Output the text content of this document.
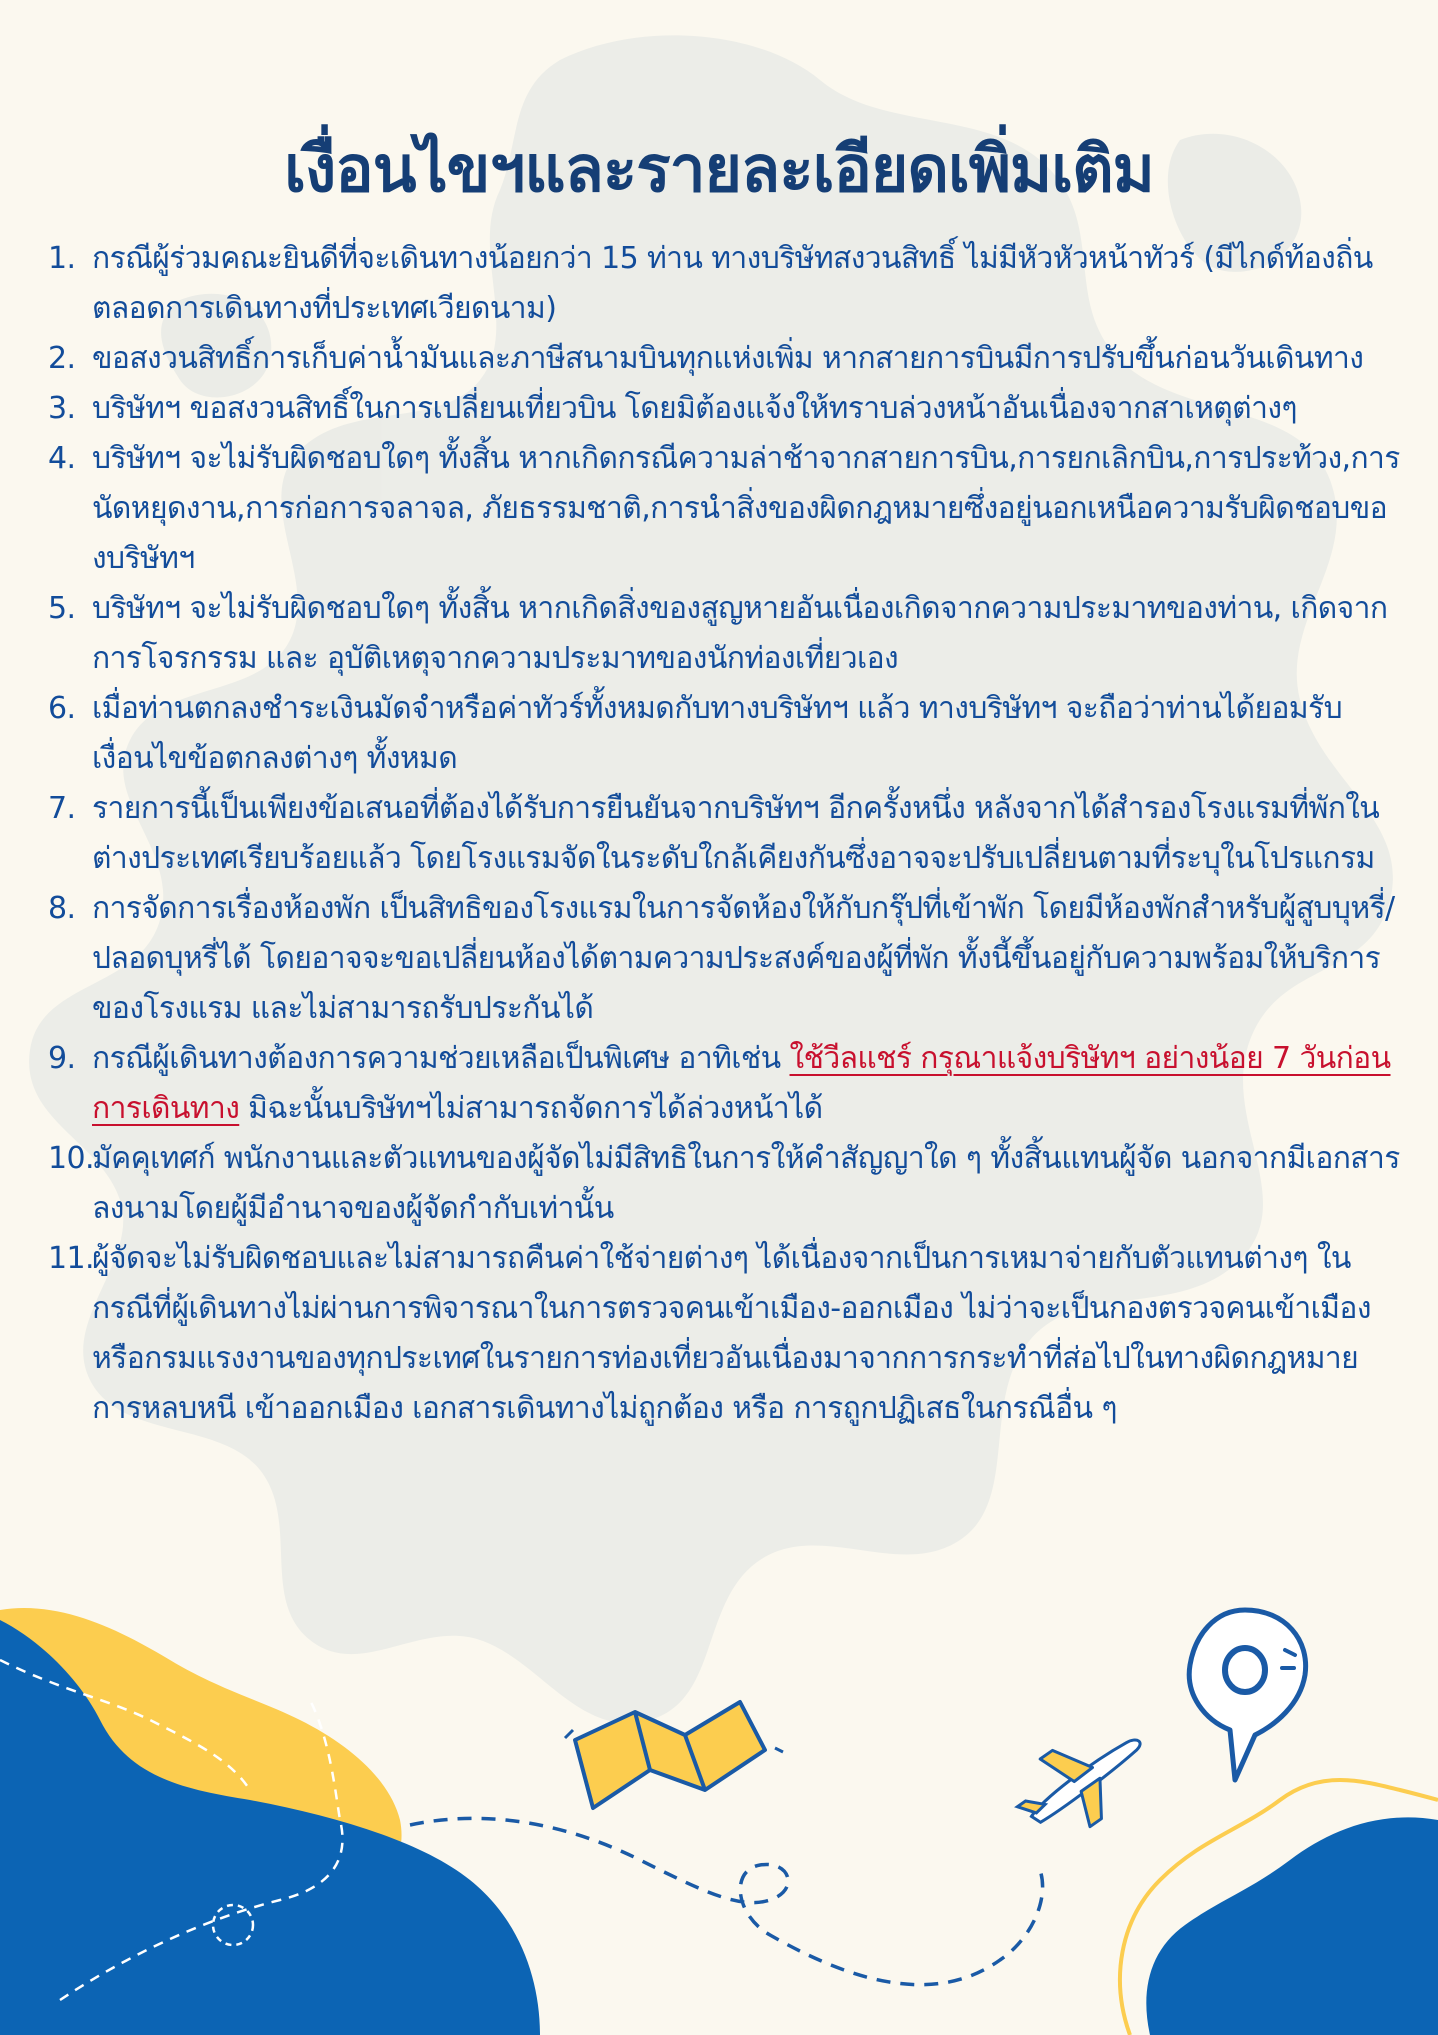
เงื่อนไขฯและรายละเอียดเพิ่มเติม
1. กรณีผู้ร่วมคณะยินดีที่จะเดินทางน้อยกว่า 15 ท่าน ทางบริษัทสงวนสิทธิ์ ไม่มีหัวหัวหน้าทัวร์ (มีไกด์ท้องถิ่นตลอดการเดินทางที่ประเทศเวียดนาม)
2. ขอสงวนสิทธิ์การเก็บค่าน้ำมันและภาษีสนามบินทุกแห่งเพิ่ม หากสายการบินมีการปรับขึ้นก่อนวันเดินทาง
3. บริษัทฯ ขอสงวนสิทธิ์ในการเปลี่ยนเที่ยวบิน โดยมิต้องแจ้งให้ทราบล่วงหน้าอันเนื่องจากสาเหตุต่างๆ
4. บริษัทฯ จะไม่รับผิดชอบใดๆ ทั้งสิ้น หากเกิดกรณีความล่าช้าจากสายการบิน,การยกเลิกบิน,การประท้วง,การนัดหยุดงาน,การก่อการจลาจล, ภัยธรรมชาติ,การนำสิ่งของผิดกฎหมายซึ่งอยู่นอกเหนือความรับผิดชอบของบริษัทฯ
5. บริษัทฯ จะไม่รับผิดชอบใดๆ ทั้งสิ้น หากเกิดสิ่งของสูญหายอันเนื่องเกิดจากความประมาทของท่าน, เกิดจากการโจรกรรม และ อุบัติเหตุจากความประมาทของนักท่องเที่ยวเอง
6. เมื่อท่านตกลงชำระเงินมัดจำหรือค่าทัวร์ทั้งหมดกับทางบริษัทฯ แล้ว ทางบริษัทฯ จะถือว่าท่านได้ยอมรับเงื่อนไขข้อตกลงต่างๆ ทั้งหมด
7. รายการนี้เป็นเพียงข้อเสนอที่ต้องได้รับการยืนยันจากบริษัทฯ อีกครั้งหนึ่ง หลังจากได้สำรองโรงแรมที่พักในต่างประเทศเรียบร้อยแล้ว โดยโรงแรมจัดในระดับใกล้เคียงกันซึ่งอาจจะปรับเปลี่ยนตามที่ระบุในโปรแกรม
8. การจัดการเรื่องห้องพัก เป็นสิทธิของโรงแรมในการจัดห้องให้กับกรุ๊ปที่เข้าพัก โดยมีห้องพักสำหรับผู้สูบบุหรี่/ ปลอดบุหรี่ได้ โดยอาจจะขอเปลี่ยนห้องได้ตามความประสงค์ของผู้ที่พัก ทั้งนี้ขึ้นอยู่กับความพร้อมให้บริการของโรงแรม และไม่สามารถรับประกันได้
9. กรณีผู้เดินทางต้องการความช่วยเหลือเป็นพิเศษ อาทิเช่น ใช้วีลแชร์ กรุณาแจ้งบริษัทฯ อย่างน้อย 7 วันก่อนการเดินทาง มิฉะนั้นบริษัทฯไม่สามารถจัดการได้ล่วงหน้าได้
10.
มัคคุเทศก์ พนักงานและตัวแทนของผู้จัดไม่มีสิทธิในการให้คำสัญญาใด ๆ ทั้งสิ้นแทนผู้จัด นอกจากมีเอกสารลงนามโดยผู้มีอำนาจของผู้จัดกำกับเท่านั้น
11.
ผู้จัดจะไม่รับผิดชอบและไม่สามารถคืนค่าใช้จ่ายต่างๆ ได้เนื่องจากเป็นการเหมาจ่ายกับตัวแทนต่างๆ ในกรณีที่ผู้เดินทางไม่ผ่านการพิจารณาในการตรวจคนเข้าเมือง-ออกเมือง ไม่ว่าจะเป็นกองตรวจคนเข้าเมืองหรือกรมแรงงานของทุกประเทศในรายการท่องเที่ยวอันเนื่องมาจากการกระทำที่ส่อไปในทางผิดกฎหมาย การหลบหนี เข้าออกเมือง เอกสารเดินทางไม่ถูกต้อง หรือ การถูกปฏิเสธในกรณีอื่น ๆ
